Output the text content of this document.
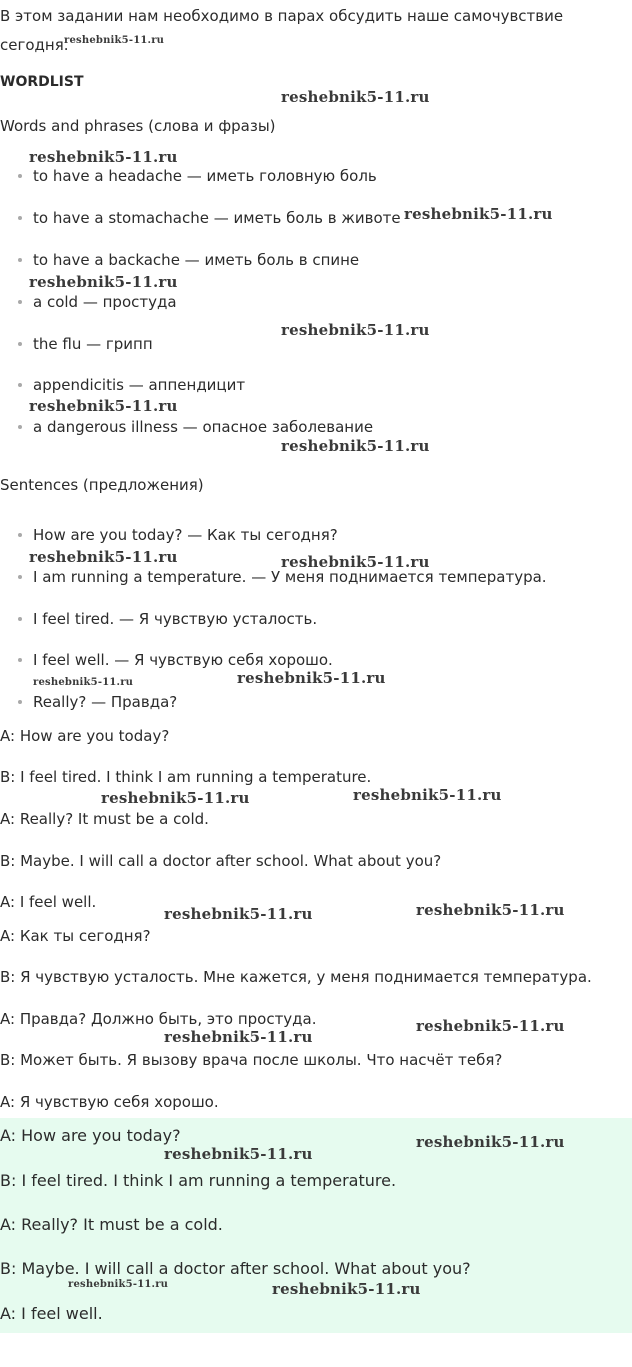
В этом задании нам необходимо в парах обсудить наше самочувствие
сегодня.
WORDLIST
Words and phrases (слова и фразы)
to have a headache — иметь головную боль
to have a stomachache — иметь боль в животе
to have a backache — иметь боль в спине
a cold — простуда
the flu — грипп
appendicitis — аппендицит
a dangerous illness — опасное заболевание
Sentences (предложения)
How are you today? — Как ты сегодня?
I am running a temperature. — У меня поднимается температура.
I feel tired. — Я чувствую усталость.
I feel well. — Я чувствую себя хорошо.
Really? — Правда?
A: How are you today?
B: I feel tired. I think I am running a temperature.
A: Really? It must be a cold.
B: Maybe. I will call a doctor after school. What about you?
A: I feel well.
A: Как ты сегодня?
B: Я чувствую усталость. Мне кажется, у меня поднимается температура.
A: Правда? Должно быть, это простуда.
B: Может быть. Я вызову врача после школы. Что насчёт тебя?
A: Я чувствую себя хорошо.
A: How are you today?
B: I feel tired. I think I am running a temperature.
A: Really? It must be a cold.
B: Maybe. I will call a doctor after school. What about you?
A: I feel well.
reshebnik5-11.ru
reshebnik5-11.ru
reshebnik5-11.ru
reshebnik5-11.ru
reshebnik5-11.ru
reshebnik5-11.ru
reshebnik5-11.ru
reshebnik5-11.ru
reshebnik5-11.ru	reshebnik5-11.ru
reshebnik5-11.ru	reshebnik5-11.ru
reshebnik5-11.ru	reshebnik5-11.ru
reshebnik5-11.ru	reshebnik5-11.ru
reshebnik5-11.ru
reshebnik5-11.ru
reshebnik5-11.ru
reshebnik5-11.ru
reshebnik5-11.ru	reshebnik5-11.ru
